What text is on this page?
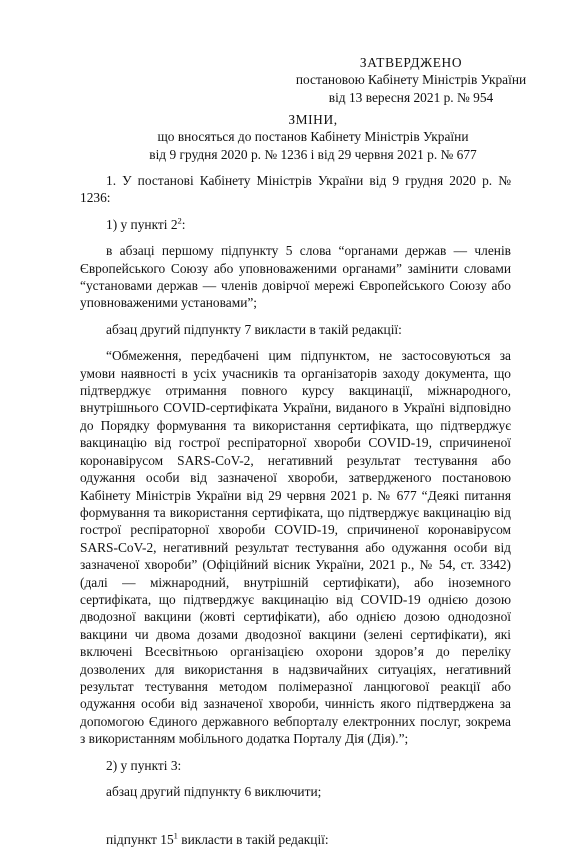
ЗАТВЕРДЖЕНО
постановою Кабінету Міністрів України
від 13 вересня 2021 р. № 954
ЗМІНИ,
що вносяться до постанов Кабінету Міністрів України
від 9 грудня 2020 р. № 1236 і від 29 червня 2021 р. № 677

1. У постанові Кабінету Міністрів України від 9 грудня 2020 р. № 1236:

1) у пункті $2^2$:

в абзаці першому підпункту 5 слова “органами держав — членів Європейського Союзу або уповноваженими органами” замінити словами “установами держав — членів довірчої мережі Європейського Союзу або уповноваженими установами”;

абзац другий підпункту 7 викласти в такій редакції:

“Обмеження, передбачені цим підпунктом, не застосовуються за умови наявності в усіх учасників та організаторів заходу документа, що підтверджує отримання повного курсу вакцинації, міжнародного, внутрішнього COVID-сертифіката України, виданого в Україні відповідно до Порядку формування та використання сертифіката, що підтверджує вакцинацію від гострої респіраторної хвороби COVID-19, спричиненої коронавірусом SARS-CoV-2, негативний результат тестування або одужання особи від зазначеної хвороби, затвердженого постановою Кабінету Міністрів України від 29 червня 2021 р. № 677 “Деякі питання формування та використання сертифіката, що підтверджує вакцинацію від гострої респіраторної хвороби COVID-19, спричиненої коронавірусом SARS-CoV-2, негативний результат тестування або одужання особи від зазначеної хвороби” (Офіційний вісник України, 2021 р., № 54, ст. 3342) (далі — міжнародний, внутрішній сертифікати), або іноземного сертифіката, що підтверджує вакцинацію від COVID-19 однією дозою дводозної вакцини (жовті сертифікати), або однією дозою однодозної вакцини чи двома дозами дводозної вакцини (зелені сертифікати), які включені Всесвітньою організацією охорони здоров’я до переліку дозволених для використання в надзвичайних ситуаціях, негативний результат тестування методом полімеразної ланцюгової реакції або одужання особи від зазначеної хвороби, чинність якого підтверджена за допомогою Єдиного державного вебпорталу електронних послуг, зокрема з використанням мобільного додатка Порталу Дія (Дія).”;

2) у пункті 3:

абзац другий підпункту 6 виключити;

підпункт $15^1$ викласти в такій редакції:
